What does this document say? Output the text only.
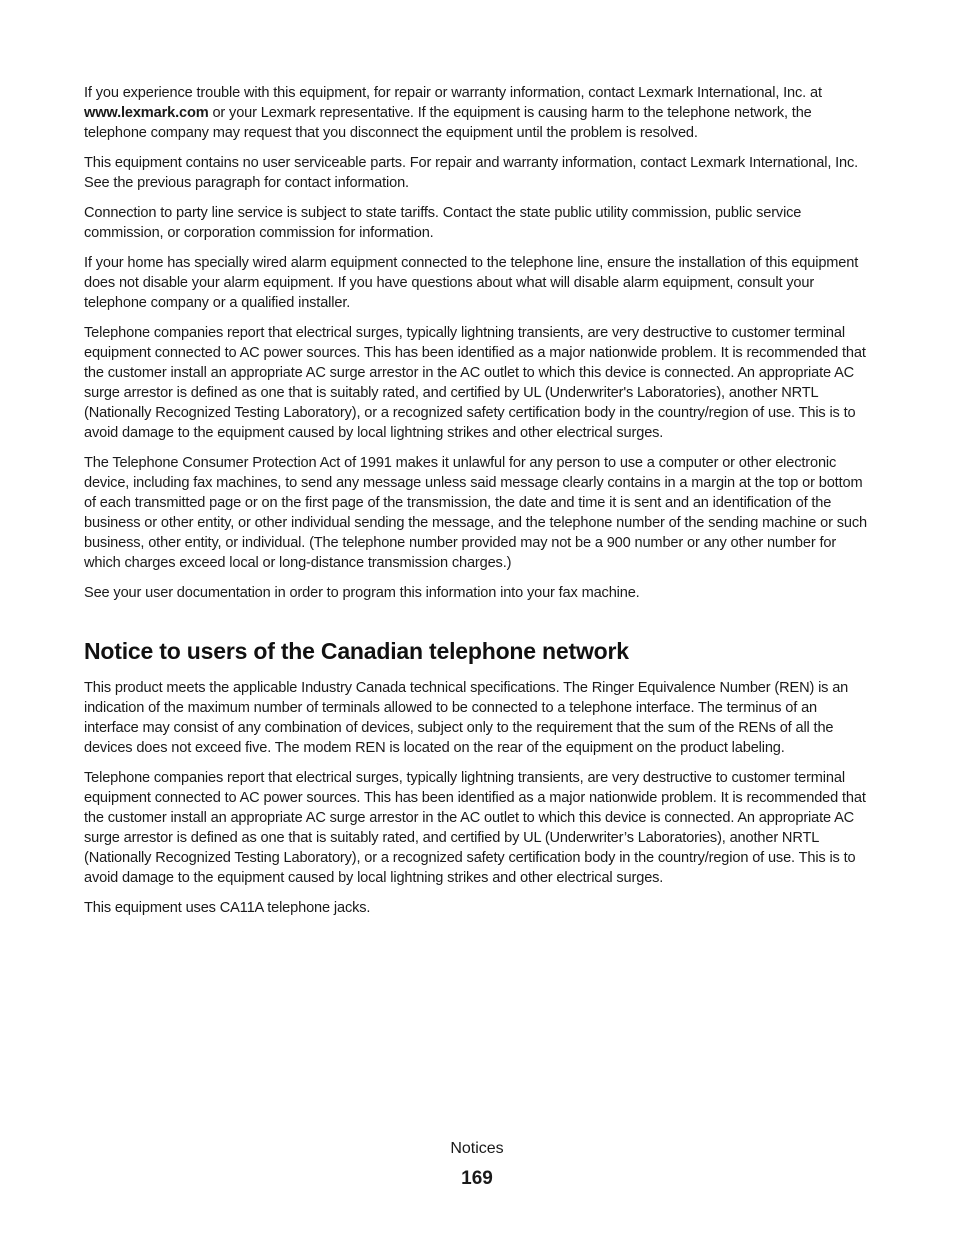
If you experience trouble with this equipment, for repair or warranty information, contact Lexmark International, Inc. at www.lexmark.com or your Lexmark representative. If the equipment is causing harm to the telephone network, the telephone company may request that you disconnect the equipment until the problem is resolved.

This equipment contains no user serviceable parts. For repair and warranty information, contact Lexmark International, Inc. See the previous paragraph for contact information.

Connection to party line service is subject to state tariffs. Contact the state public utility commission, public service commission, or corporation commission for information.

If your home has specially wired alarm equipment connected to the telephone line, ensure the installation of this equipment does not disable your alarm equipment. If you have questions about what will disable alarm equipment, consult your telephone company or a qualified installer.

Telephone companies report that electrical surges, typically lightning transients, are very destructive to customer terminal equipment connected to AC power sources. This has been identified as a major nationwide problem. It is recommended that the customer install an appropriate AC surge arrestor in the AC outlet to which this device is connected. An appropriate AC surge arrestor is defined as one that is suitably rated, and certified by UL (Underwriter's Laboratories), another NRTL (Nationally Recognized Testing Laboratory), or a recognized safety certification body in the country/region of use. This is to avoid damage to the equipment caused by local lightning strikes and other electrical surges.

The Telephone Consumer Protection Act of 1991 makes it unlawful for any person to use a computer or other electronic device, including fax machines, to send any message unless said message clearly contains in a margin at the top or bottom of each transmitted page or on the first page of the transmission, the date and time it is sent and an identification of the business or other entity, or other individual sending the message, and the telephone number of the sending machine or such business, other entity, or individual. (The telephone number provided may not be a 900 number or any other number for which charges exceed local or long-distance transmission charges.)

See your user documentation in order to program this information into your fax machine.

Notice to users of the Canadian telephone network

This product meets the applicable Industry Canada technical specifications. The Ringer Equivalence Number (REN) is an indication of the maximum number of terminals allowed to be connected to a telephone interface. The terminus of an interface may consist of any combination of devices, subject only to the requirement that the sum of the RENs of all the devices does not exceed five. The modem REN is located on the rear of the equipment on the product labeling.

Telephone companies report that electrical surges, typically lightning transients, are very destructive to customer terminal equipment connected to AC power sources. This has been identified as a major nationwide problem. It is recommended that the customer install an appropriate AC surge arrestor in the AC outlet to which this device is connected. An appropriate AC surge arrestor is defined as one that is suitably rated, and certified by UL (Underwriter’s Laboratories), another NRTL (Nationally Recognized Testing Laboratory), or a recognized safety certification body in the country/region of use. This is to avoid damage to the equipment caused by local lightning strikes and other electrical surges.

This equipment uses CA11A telephone jacks.

Notices
169
